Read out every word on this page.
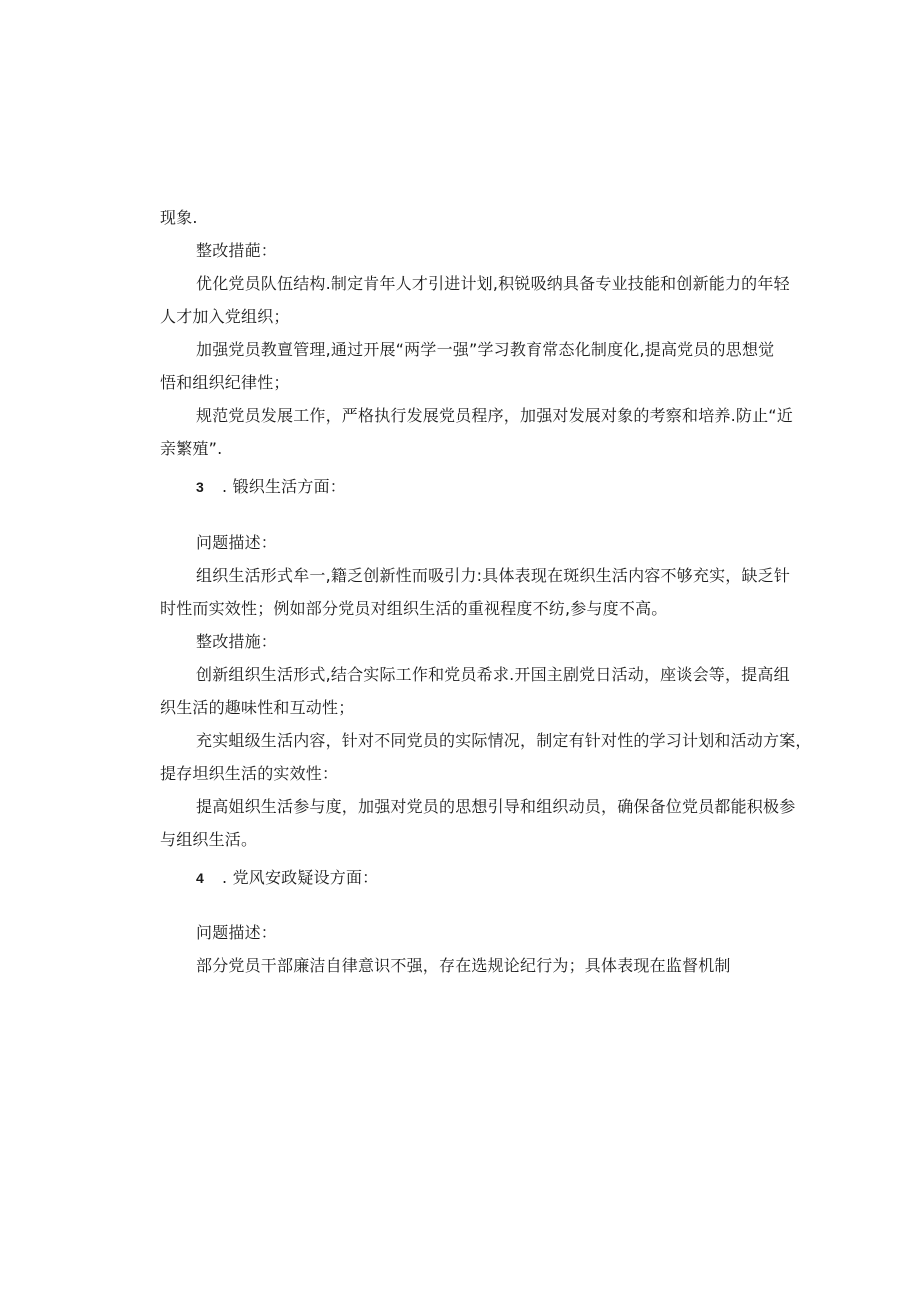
现象.
整改措葩：
优化党员队伍结构.制定肯年人才引进计划,积锐吸纳具备专业技能和创新能力的年轻
人才加入党组织；
加强党员教亶管理,通过开展“两学一强”学习教育常态化制度化,提高党员的思想觉
悟和组织纪律性；
规范党员发展工作，严格执行发展党员程序，加强对发展对象的考察和培养.防止“近
亲繁殖”.
3 . 锻织生活方面：
问题描述：
组织生活形式牟一,籍乏创新性而吸引力:具体表现在斑织生活内容不够充实，缺乏针
时性而实效性；例如部分党员对组织生活的重视程度不纺,参与度不高。
整改措施：
创新组织生活形式,结合实际工作和党员希求.开国主剧党日活动，座谈会等，提高组
织生活的趣味性和互动性；
充实蛆级生活内容，针对不同党员的实际情况，制定有针对性的学习计划和活动方案，
提存坦织生活的实效性：
提高姐织生活参与度，加强对党员的思想引导和组织动员，确保备位党员都能积极参
与组织生活。
4 . 党风安政疑设方面：
问题描述：
部分党员干部廉洁自律意识不强，存在选规论纪行为；具体表现在监督机制
